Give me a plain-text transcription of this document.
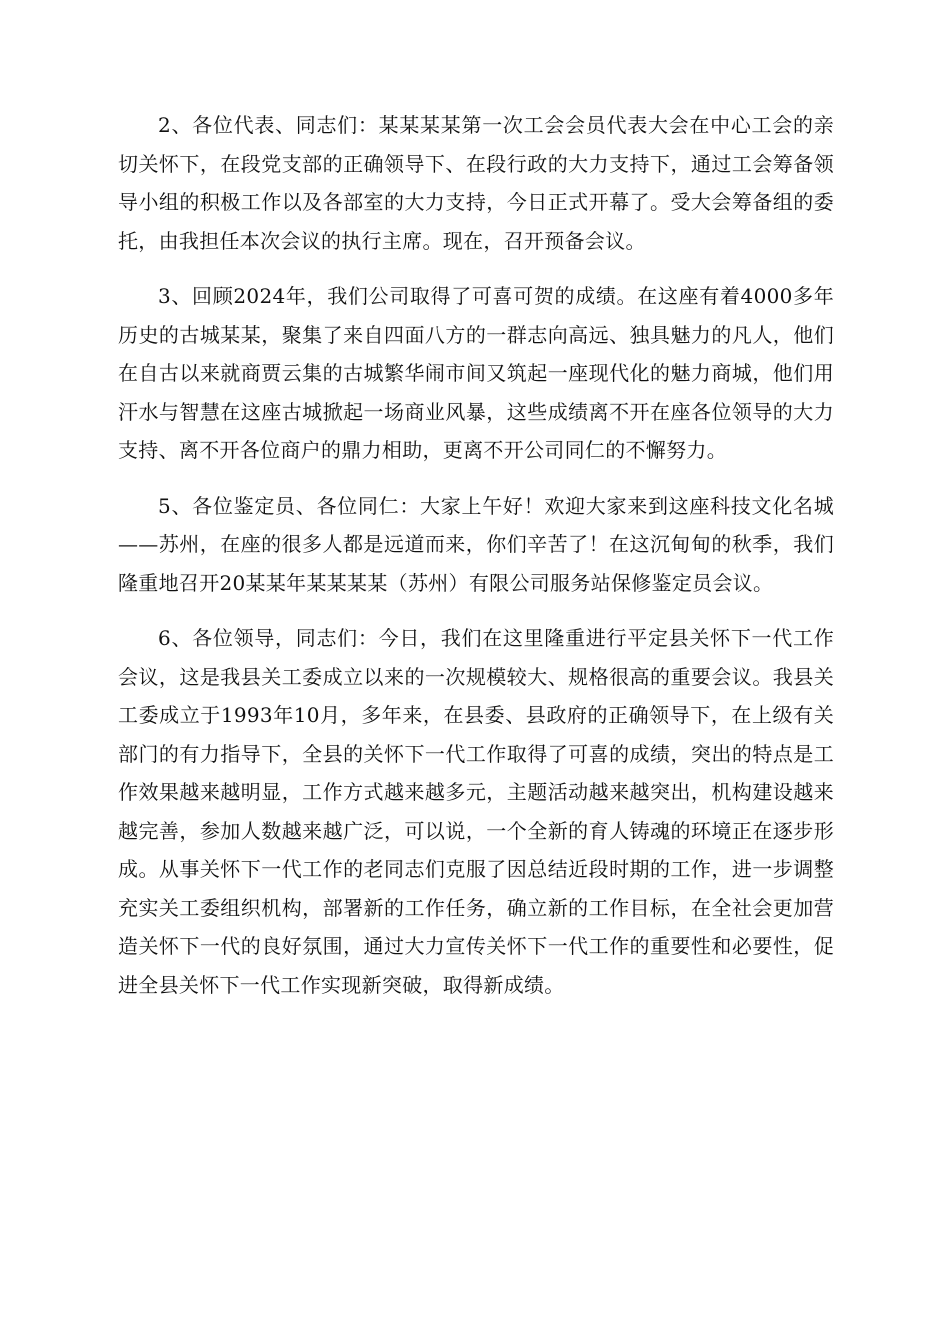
2、各位代表、同志们：某某某某第一次工会会员代表大会在中心工会的亲切关怀下，在段党支部的正确领导下、在段行政的大力支持下，通过工会筹备领导小组的积极工作以及各部室的大力支持，今日正式开幕了。受大会筹备组的委托，由我担任本次会议的执行主席。现在，召开预备会议。

3、回顾2024年，我们公司取得了可喜可贺的成绩。在这座有着4000多年历史的古城某某，聚集了来自四面八方的一群志向高远、独具魅力的凡人，他们在自古以来就商贾云集的古城繁华闹市间又筑起一座现代化的魅力商城，他们用汗水与智慧在这座古城掀起一场商业风暴，这些成绩离不开在座各位领导的大力支持、离不开各位商户的鼎力相助，更离不开公司同仁的不懈努力。

5、各位鉴定员、各位同仁：大家上午好！欢迎大家来到这座科技文化名城——苏州，在座的很多人都是远道而来，你们辛苦了！在这沉甸甸的秋季，我们隆重地召开20某某年某某某某（苏州）有限公司服务站保修鉴定员会议。

6、各位领导，同志们：今日，我们在这里隆重进行平定县关怀下一代工作会议，这是我县关工委成立以来的一次规模较大、规格很高的重要会议。我县关工委成立于1993年10月，多年来，在县委、县政府的正确领导下，在上级有关部门的有力指导下，全县的关怀下一代工作取得了可喜的成绩，突出的特点是工作效果越来越明显，工作方式越来越多元，主题活动越来越突出，机构建设越来越完善，参加人数越来越广泛，可以说，一个全新的育人铸魂的环境正在逐步形成。从事关怀下一代工作的老同志们克服了因总结近段时期的工作，进一步调整充实关工委组织机构，部署新的工作任务，确立新的工作目标，在全社会更加营造关怀下一代的良好氛围，通过大力宣传关怀下一代工作的重要性和必要性，促进全县关怀下一代工作实现新突破，取得新成绩。
